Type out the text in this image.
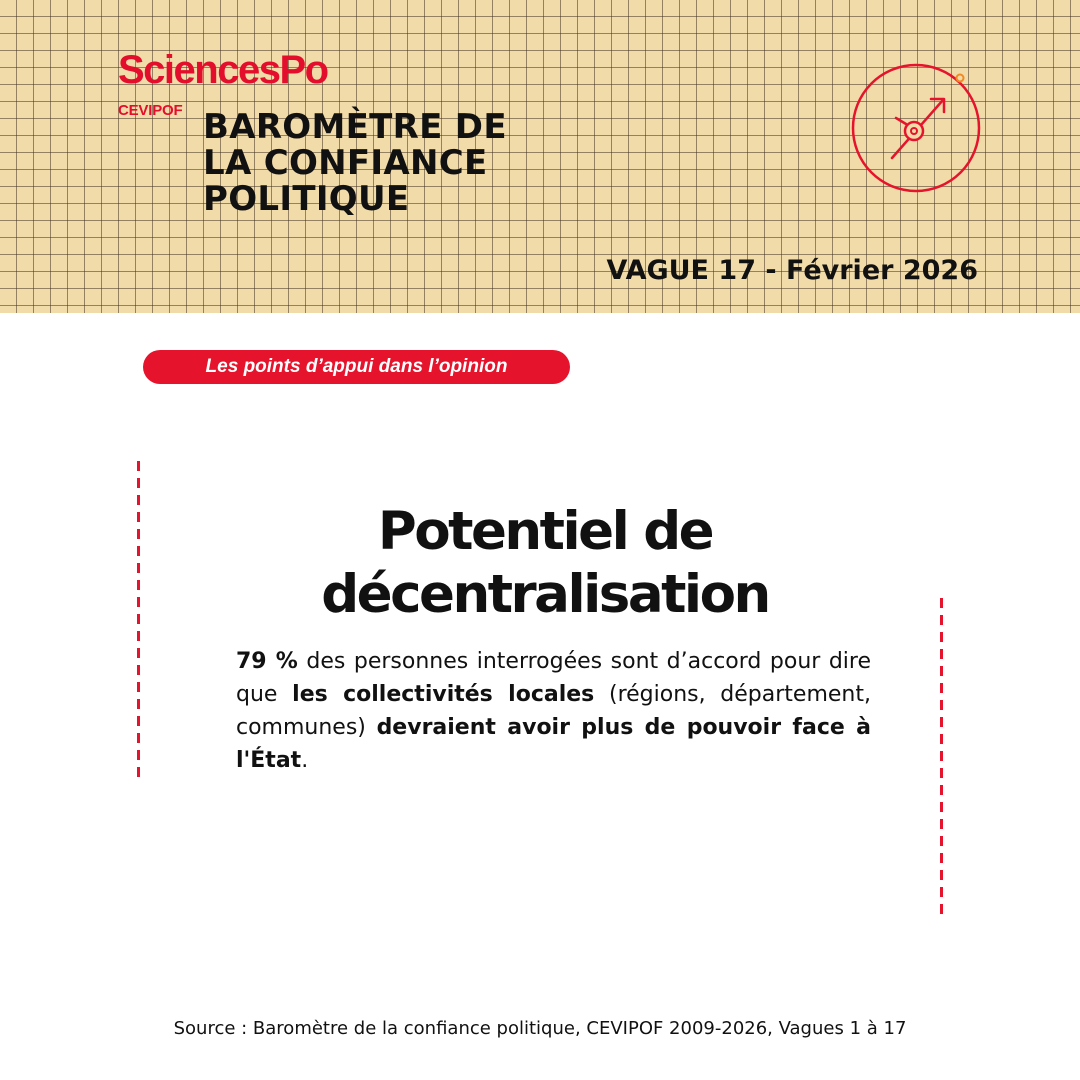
SciencesPo
CEVIPOF BAROMÈTRE DE
LA CONFIANCE
POLITIQUE
VAGUE 17 - Février 2026
Les points d’appui dans l’opinion
Potentiel de
décentralisation
79 % des personnes interrogées sont d’accord pour dire que les collectivités locales (régions, département, communes) devraient avoir plus de pouvoir face à l'État.
Source : Baromètre de la confiance politique, CEVIPOF 2009-2026, Vagues 1 à 17
